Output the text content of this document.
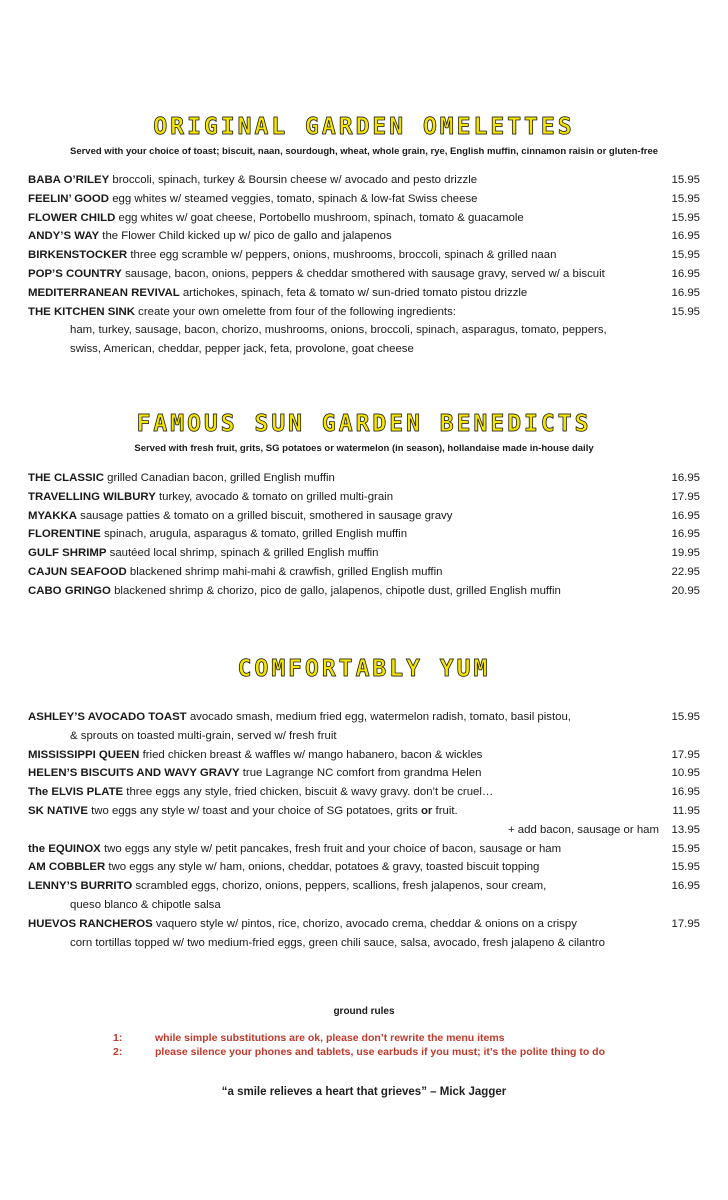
ORIGINAL GARDEN OMELETTES
Served with your choice of toast; biscuit, naan, sourdough, wheat, whole grain, rye, English muffin, cinnamon raisin or gluten-free
BABA O’RILEY broccoli, spinach, turkey & Boursin cheese w/ avocado and pesto drizzle	15.95
FEELIN’ GOOD egg whites w/ steamed veggies, tomato, spinach & low-fat Swiss cheese	15.95
FLOWER CHILD egg whites w/ goat cheese, Portobello mushroom, spinach, tomato & guacamole	15.95
ANDY’S WAY the Flower Child kicked up w/ pico de gallo and jalapenos	16.95
BIRKENSTOCKER three egg scramble w/ peppers, onions, mushrooms, broccoli, spinach & grilled naan	15.95
POP’S COUNTRY sausage, bacon, onions, peppers & cheddar smothered with sausage gravy, served w/ a biscuit	16.95
MEDITERRANEAN REVIVAL artichokes, spinach, feta & tomato w/ sun-dried tomato pistou drizzle	16.95
THE KITCHEN SINK create your own omelette from four of the following ingredients:	15.95
ham, turkey, sausage, bacon, chorizo, mushrooms, onions, broccoli, spinach, asparagus, tomato, peppers,
swiss, American, cheddar, pepper jack, feta, provolone, goat cheese
FAMOUS SUN GARDEN BENEDICTS
Served with fresh fruit, grits, SG potatoes or watermelon (in season), hollandaise made in-house daily
THE CLASSIC grilled Canadian bacon, grilled English muffin	16.95
TRAVELLING WILBURY turkey, avocado & tomato on grilled multi-grain	17.95
MYAKKA sausage patties & tomato on a grilled biscuit, smothered in sausage gravy	16.95
FLORENTINE spinach, arugula, asparagus & tomato, grilled English muffin	16.95
GULF SHRIMP sautéed local shrimp, spinach & grilled English muffin	19.95
CAJUN SEAFOOD blackened shrimp mahi-mahi & crawfish, grilled English muffin	22.95
CABO GRINGO blackened shrimp & chorizo, pico de gallo, jalapenos, chipotle dust, grilled English muffin	20.95
COMFORTABLY YUM
ASHLEY’S AVOCADO TOAST avocado smash, medium fried egg, watermelon radish, tomato, basil pistou,	15.95
& sprouts on toasted multi-grain, served w/ fresh fruit
MISSISSIPPI QUEEN fried chicken breast & waffles w/ mango habanero, bacon & wickles	17.95
HELEN’S BISCUITS AND WAVY GRAVY true Lagrange NC comfort from grandma Helen	10.95
The ELVIS PLATE three eggs any style, fried chicken, biscuit & wavy gravy. don’t be cruel…	16.95
SK NATIVE two eggs any style w/ toast and your choice of SG potatoes, grits or fruit.	11.95
+ add bacon, sausage or ham 13.95
the EQUINOX two eggs any style w/ petit pancakes, fresh fruit and your choice of bacon, sausage or ham	15.95
AM COBBLER two eggs any style w/ ham, onions, cheddar, potatoes & gravy, toasted biscuit topping	15.95
LENNY’S BURRITO scrambled eggs, chorizo, onions, peppers, scallions, fresh jalapenos, sour cream,	16.95
queso blanco & chipotle salsa
HUEVOS RANCHEROS vaquero style w/ pintos, rice, chorizo, avocado crema, cheddar & onions on a crispy	17.95
corn tortillas topped w/ two medium-fried eggs, green chili sauce, salsa, avocado, fresh jalapeno & cilantro
ground rules
1:	while simple substitutions are ok, please don’t rewrite the menu items
2:	please silence your phones and tablets, use earbuds if you must; it’s the polite thing to do
“a smile relieves a heart that grieves” – Mick Jagger
